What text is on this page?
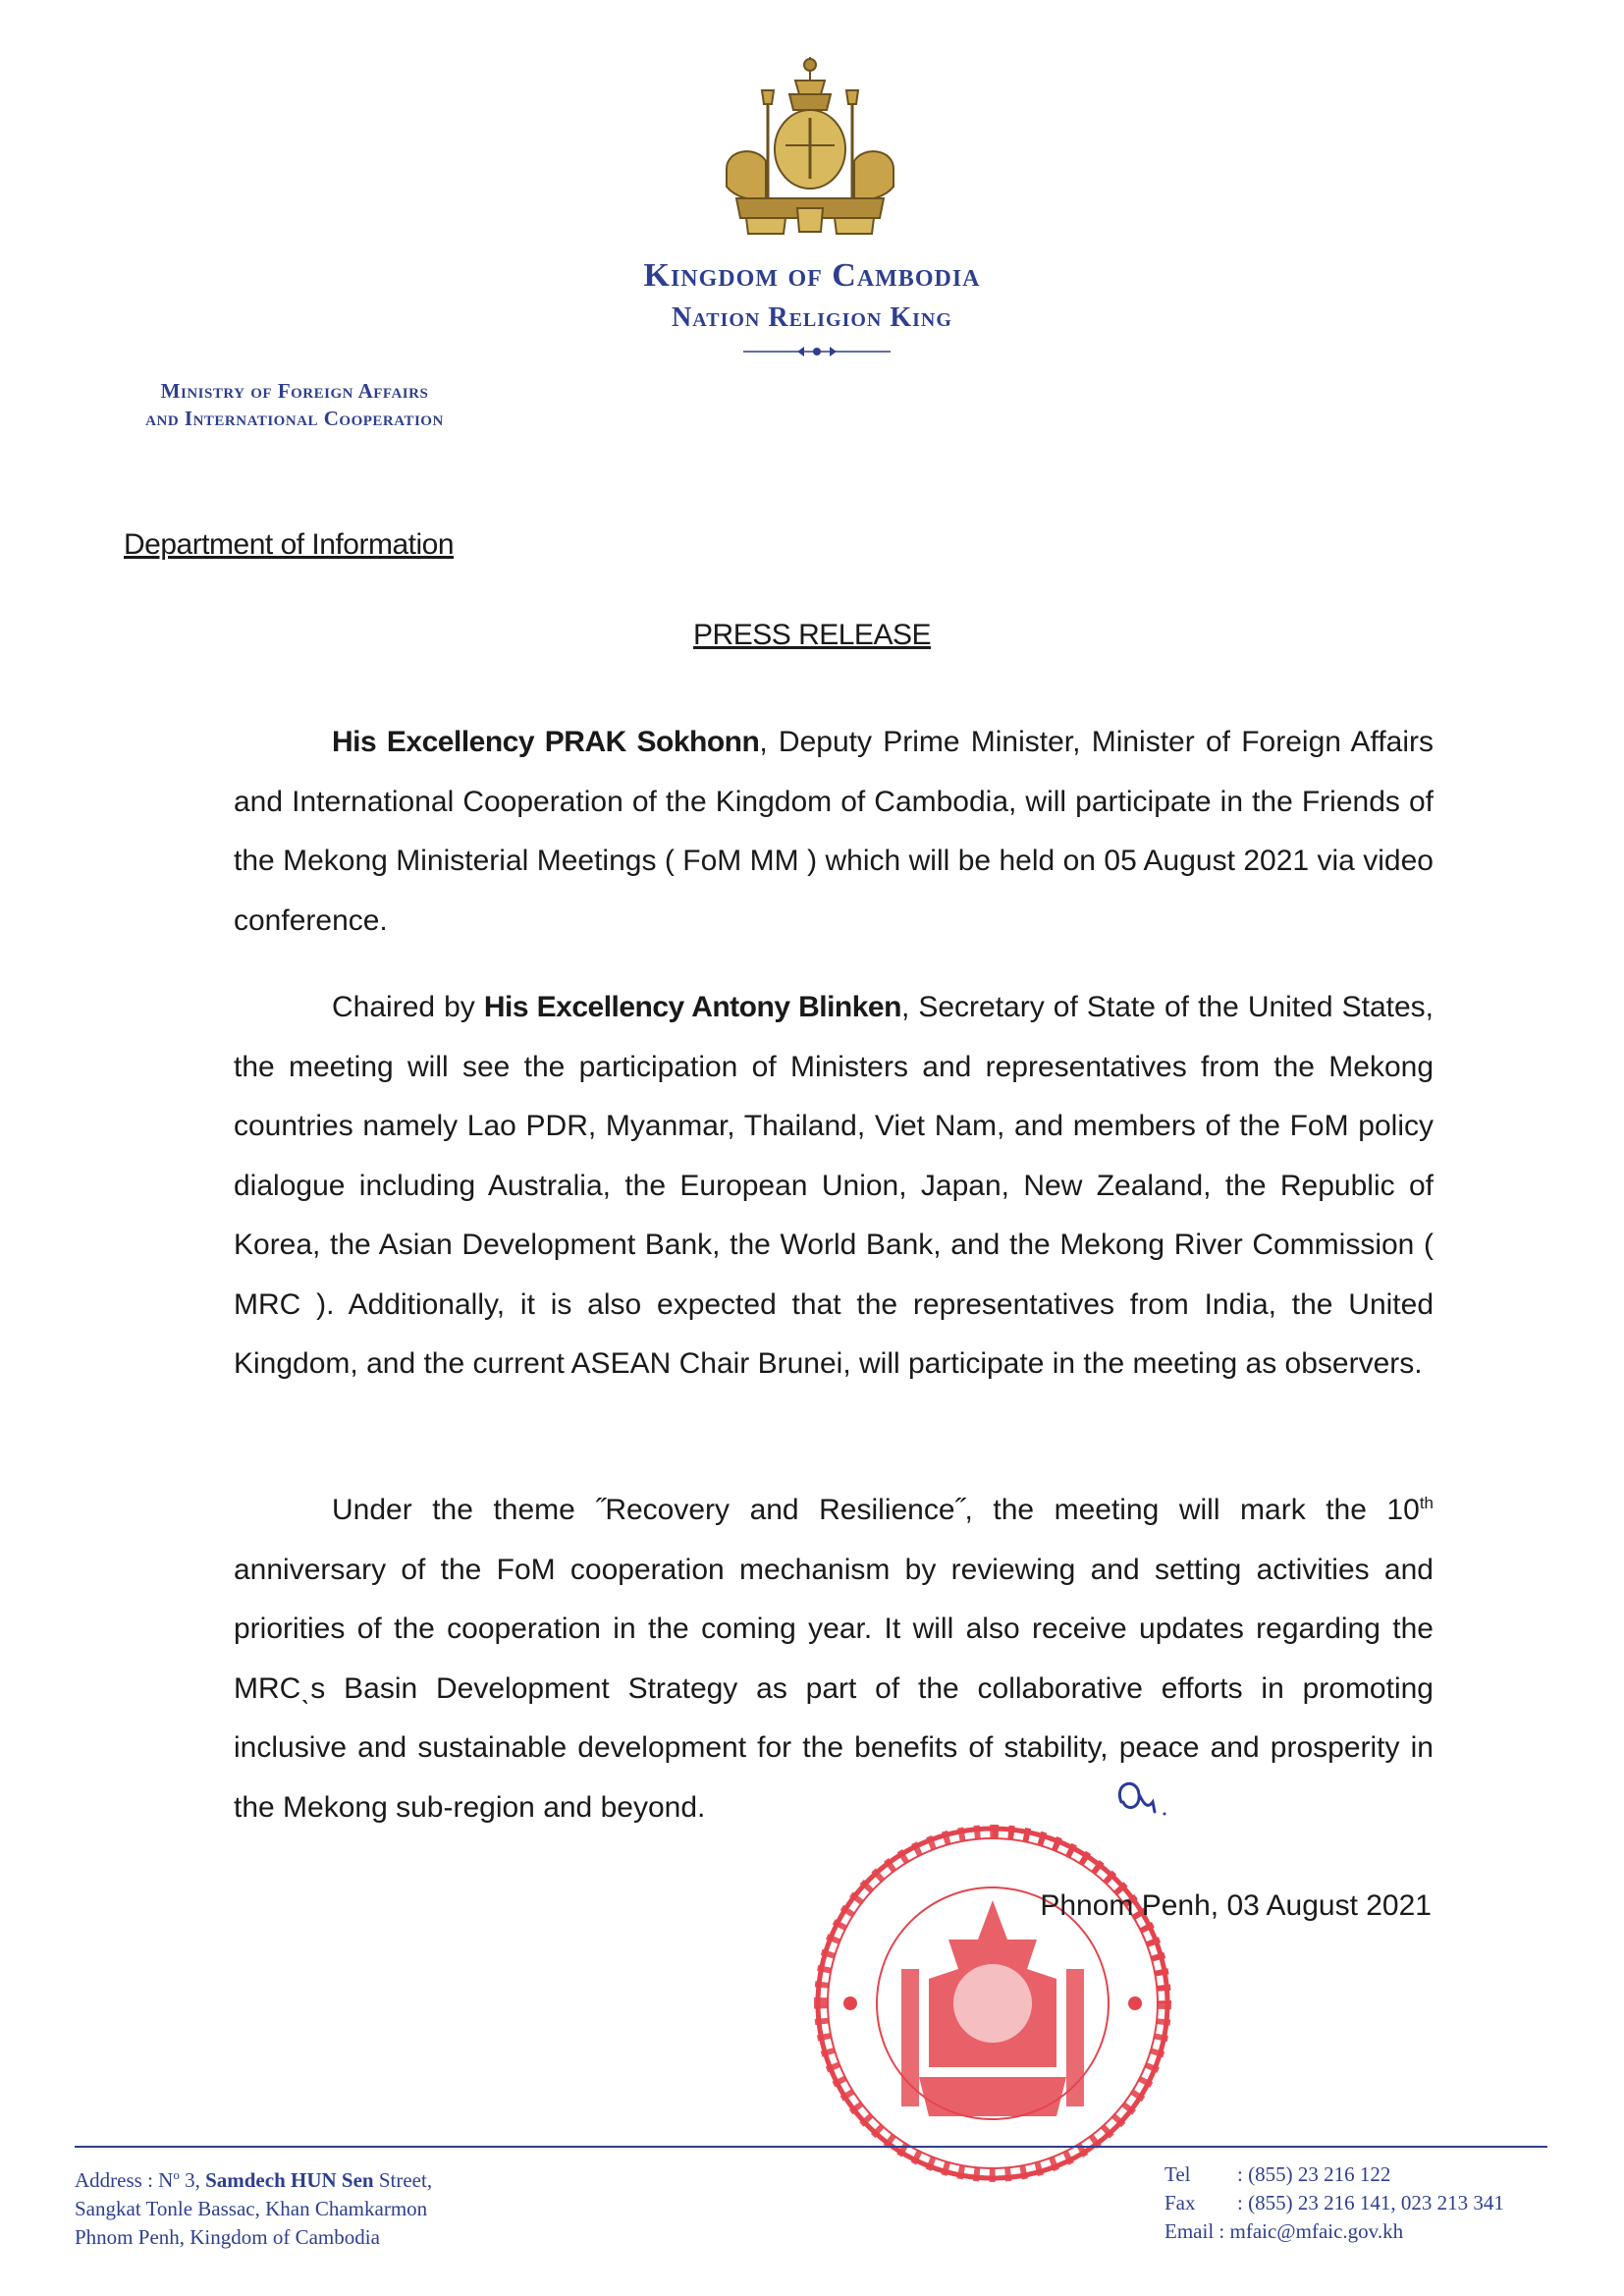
Kingdom of Cambodia
Nation Religion King
Ministry of Foreign Affairs
and International Cooperation
Department of Information
PRESS RELEASE
His Excellency PRAK Sokhonn, Deputy Prime Minister, Minister of Foreign Affairs and International Cooperation of the Kingdom of Cambodia, will participate in the Friends of the Mekong Ministerial Meetings ( FoM MM ) which will be held on 05 August 2021 via video conference.
Chaired by His Excellency Antony Blinken, Secretary of State of the United States, the meeting will see the participation of Ministers and representatives from the Mekong countries namely Lao PDR, Myanmar, Thailand, Viet Nam, and members of the FoM policy dialogue including Australia, the European Union, Japan, New Zealand, the Republic of Korea, the Asian Development Bank, the World Bank, and the Mekong River Commission ( MRC ). Additionally, it is also expected that the representatives from India, the United Kingdom, and the current ASEAN Chair Brunei, will participate in the meeting as observers.
Under the theme ˝Recovery and Resilience˝, the meeting will mark the 10th anniversary of the FoM cooperation mechanism by reviewing and setting activities and priorities of the cooperation in the coming year. It will also receive updates regarding the MRCˎs Basin Development Strategy as part of the collaborative efforts in promoting inclusive and sustainable development for the benefits of stability, peace and prosperity in the Mekong sub-region and beyond.
Phnom Penh, 03 August 2021
Address : $N^o$ 3, Samdech HUN Sen Street,
Sangkat Tonle Bassac, Khan Chamkarmon
Phnom Penh, Kingdom of Cambodia
Tel : (855) 23 216 122
Fax : (855) 23 216 141, 023 213 341
Email : mfaic@mfaic.gov.kh
